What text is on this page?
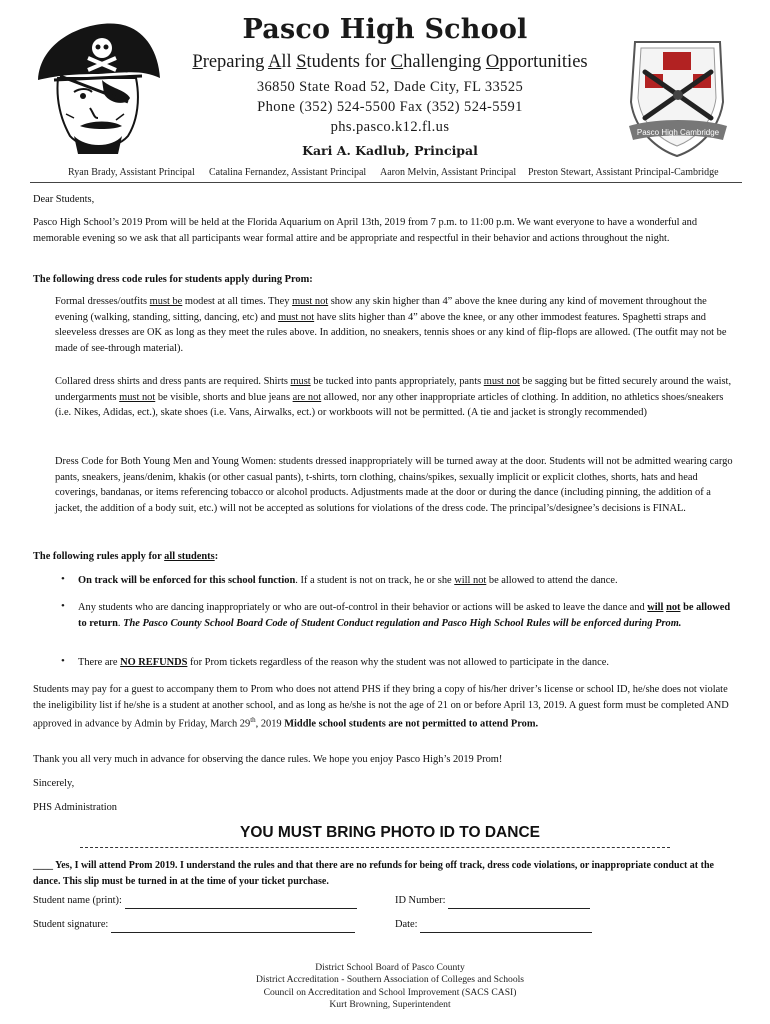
Pasco High Cambridge
Pasco High School
Preparing All Students for Challenging Opportunities
36850 State Road 52, Dade City, FL 33525
Phone (352) 524-5500 Fax (352) 524-5591
phs.pasco.k12.fl.us
Kari A. Kadlub, Principal
Ryan Brady, Assistant Principal Catalina Fernandez, Assistant Principal Aaron Melvin, Assistant Principal Preston Stewart, Assistant Principal-Cambridge
Dear Students,
Pasco High School’s 2019 Prom will be held at the Florida Aquarium on April 13th, 2019 from 7 p.m. to 11:00 p.m. We want everyone to have a wonderful and memorable evening so we ask that all participants wear formal attire and be appropriate and respectful in their behavior and actions throughout the night.
The following dress code rules for students apply during Prom:
Formal dresses/outfits must be modest at all times. They must not show any skin higher than 4” above the knee during any kind of movement throughout the evening (walking, standing, sitting, dancing, etc) and must not have slits higher than 4” above the knee, or any other immodest features. Spaghetti straps and sleeveless dresses are OK as long as they meet the rules above. In addition, no sneakers, tennis shoes or any kind of flip-flops are allowed. (The outfit may not be made of see-through material).
Collared dress shirts and dress pants are required. Shirts must be tucked into pants appropriately, pants must not be sagging but be fitted securely around the waist, undergarments must not be visible, shorts and blue jeans are not allowed, nor any other inappropriate articles of clothing. In addition, no athletics shoes/sneakers (i.e. Nikes, Adidas, ect.), skate shoes (i.e. Vans, Airwalks, ect.) or workboots will not be permitted. (A tie and jacket is strongly recommended)
Dress Code for Both Young Men and Young Women: students dressed inappropriately will be turned away at the door. Students will not be admitted wearing cargo pants, sneakers, jeans/denim, khakis (or other casual pants), t-shirts, torn clothing, chains/spikes, sexually implicit or explicit clothes, shorts, hats and head coverings, bandanas, or items referencing tobacco or alcohol products. Adjustments made at the door or during the dance (including pinning, the addition of a jacket, the addition of a body suit, etc.) will not be accepted as solutions for violations of the dress code. The principal’s/designee’s decisions is FINAL.
The following rules apply for all students:
• On track will be enforced for this school function. If a student is not on track, he or she will not be allowed to attend the dance.
• Any students who are dancing inappropriately or who are out-of-control in their behavior or actions will be asked to leave the dance and will not be allowed to return. The Pasco County School Board Code of Student Conduct regulation and Pasco High School Rules will be enforced during Prom.
• There are NO REFUNDS for Prom tickets regardless of the reason why the student was not allowed to participate in the dance.
Students may pay for a guest to accompany them to Prom who does not attend PHS if they bring a copy of his/her driver’s license or school ID, he/she does not violate the ineligibility list if he/she is a student at another school, and as long as he/she is not the age of 21 on or before April 13, 2019. A guest form must be completed AND approved in advance by Admin by Friday, March 29th, 2019 Middle school students are not permitted to attend Prom.
Thank you all very much in advance for observing the dance rules. We hope you enjoy Pasco High’s 2019 Prom!
Sincerely,
PHS Administration
YOU MUST BRING PHOTO ID TO DANCE
____ Yes, I will attend Prom 2019. I understand the rules and that there are no refunds for being off track, dress code violations, or inappropriate conduct at the dance. This slip must be turned in at the time of your ticket purchase.
Student name (print):	ID Number:
Student signature:	Date:
District School Board of Pasco County
District Accreditation - Southern Association of Colleges and Schools
Council on Accreditation and School Improvement (SACS CASI)
Kurt Browning, Superintendent
